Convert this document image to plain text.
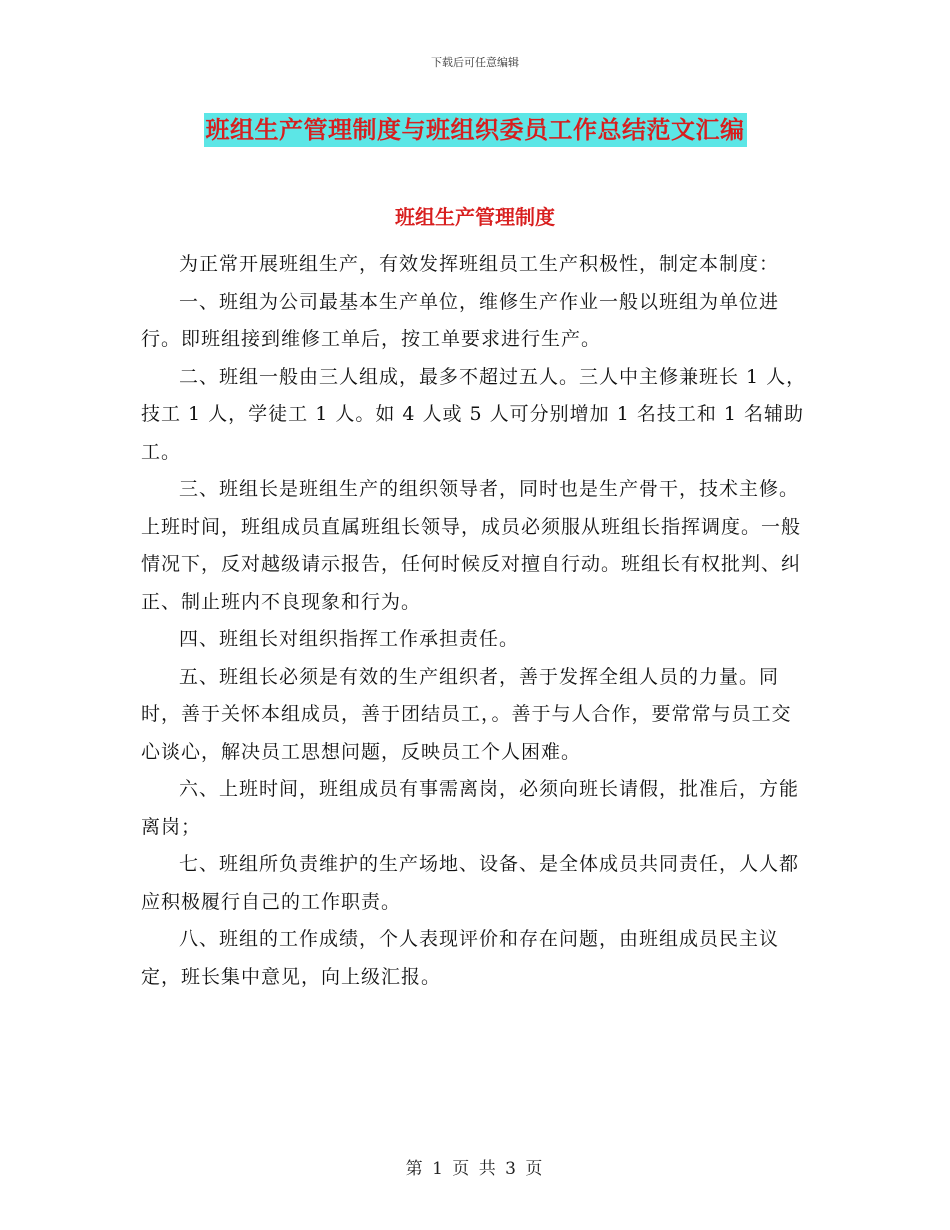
下载后可任意编辑
班组生产管理制度与班组织委员工作总结范文汇编
班组生产管理制度

为正常开展班组生产，有效发挥班组员工生产积极性，制定本制度：

一、班组为公司最基本生产单位，维修生产作业一般以班组为单位进行。即班组接到维修工单后，按工单要求进行生产。

二、班组一般由三人组成，最多不超过五人。三人中主修兼班长 1 人，技工 1 人，学徒工 1 人。如 4 人或 5 人可分别增加 1 名技工和 1 名辅助工。

三、班组长是班组生产的组织领导者，同时也是生产骨干，技术主修。上班时间，班组成员直属班组长领导，成员必须服从班组长指挥调度。一般情况下，反对越级请示报告，任何时候反对擅自行动。班组长有权批判、纠正、制止班内不良现象和行为。

四、班组长对组织指挥工作承担责任。

五、班组长必须是有效的生产组织者，善于发挥全组人员的力量。同时，善于关怀本组成员，善于团结员工，。善于与人合作，要常常与员工交心谈心，解决员工思想问题，反映员工个人困难。

六、上班时间，班组成员有事需离岗，必须向班长请假，批准后，方能离岗；

七、班组所负责维护的生产场地、设备、是全体成员共同责任，人人都应积极履行自己的工作职责。

八、班组的工作成绩，个人表现评价和存在问题，由班组成员民主议定，班长集中意见，向上级汇报。

第 1 页 共 3 页
